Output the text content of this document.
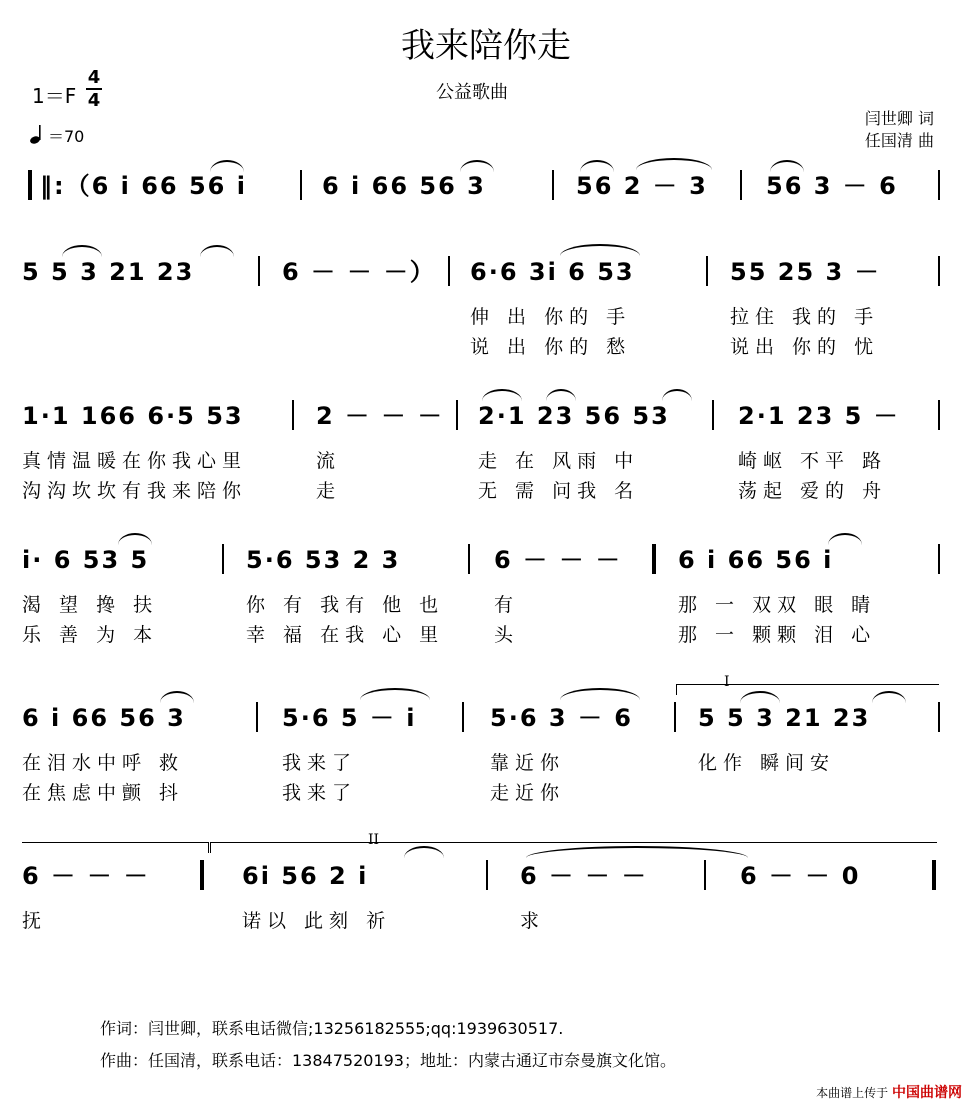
我来陪你走
公益歌曲
1＝F
4
4
＝70
闫世卿 词
任国清 曲
‖:（6 i 66 56 i	6 i 66 56 3	56 2 － 3 56 3 － 6
5 5 3 21 23	6 － － －） 6·6 3i 6 53	55 25 3 －
伸 出 你的 手	拉住 我的 手
说 出 你的 愁	说出 你的 忧
1·1 166 6·5 53	2 － － － 2·1 23 56 53	2·1 23 5 －
真情温暖在你我心里	流	走 在 风雨 中	崎岖 不平 路
沟沟坎坎有我来陪你	走	无 需 问我 名	荡起 爱的 舟
i· 6 53 5	5·6 53 2 3	6 － － － 6 i 66 56 i
渴 望 搀 扶	你 有 我有 他 也	有	那 一 双双 眼 睛
乐 善 为 本	幸 福 在我 心 里	头	那 一 颗颗 泪 心
I
6 i 66 56 3	5·6 5 － i	5·6 3 － 6	5 5 3 21 23
在泪水中呼 救	我来了	靠近你	化作 瞬间安
在焦虑中颤 抖	我来了	走近你
II
6 － － －	6i 56 2 i	6 － － －	6 － － 0
抚	诺以 此刻 祈	求
作词：闫世卿，联系电话微信;13256182555;qq:1939630517.
作曲：任国清，联系电话：13847520193；地址：内蒙古通辽市奈曼旗文化馆。
本曲谱上传于 中国曲谱网
